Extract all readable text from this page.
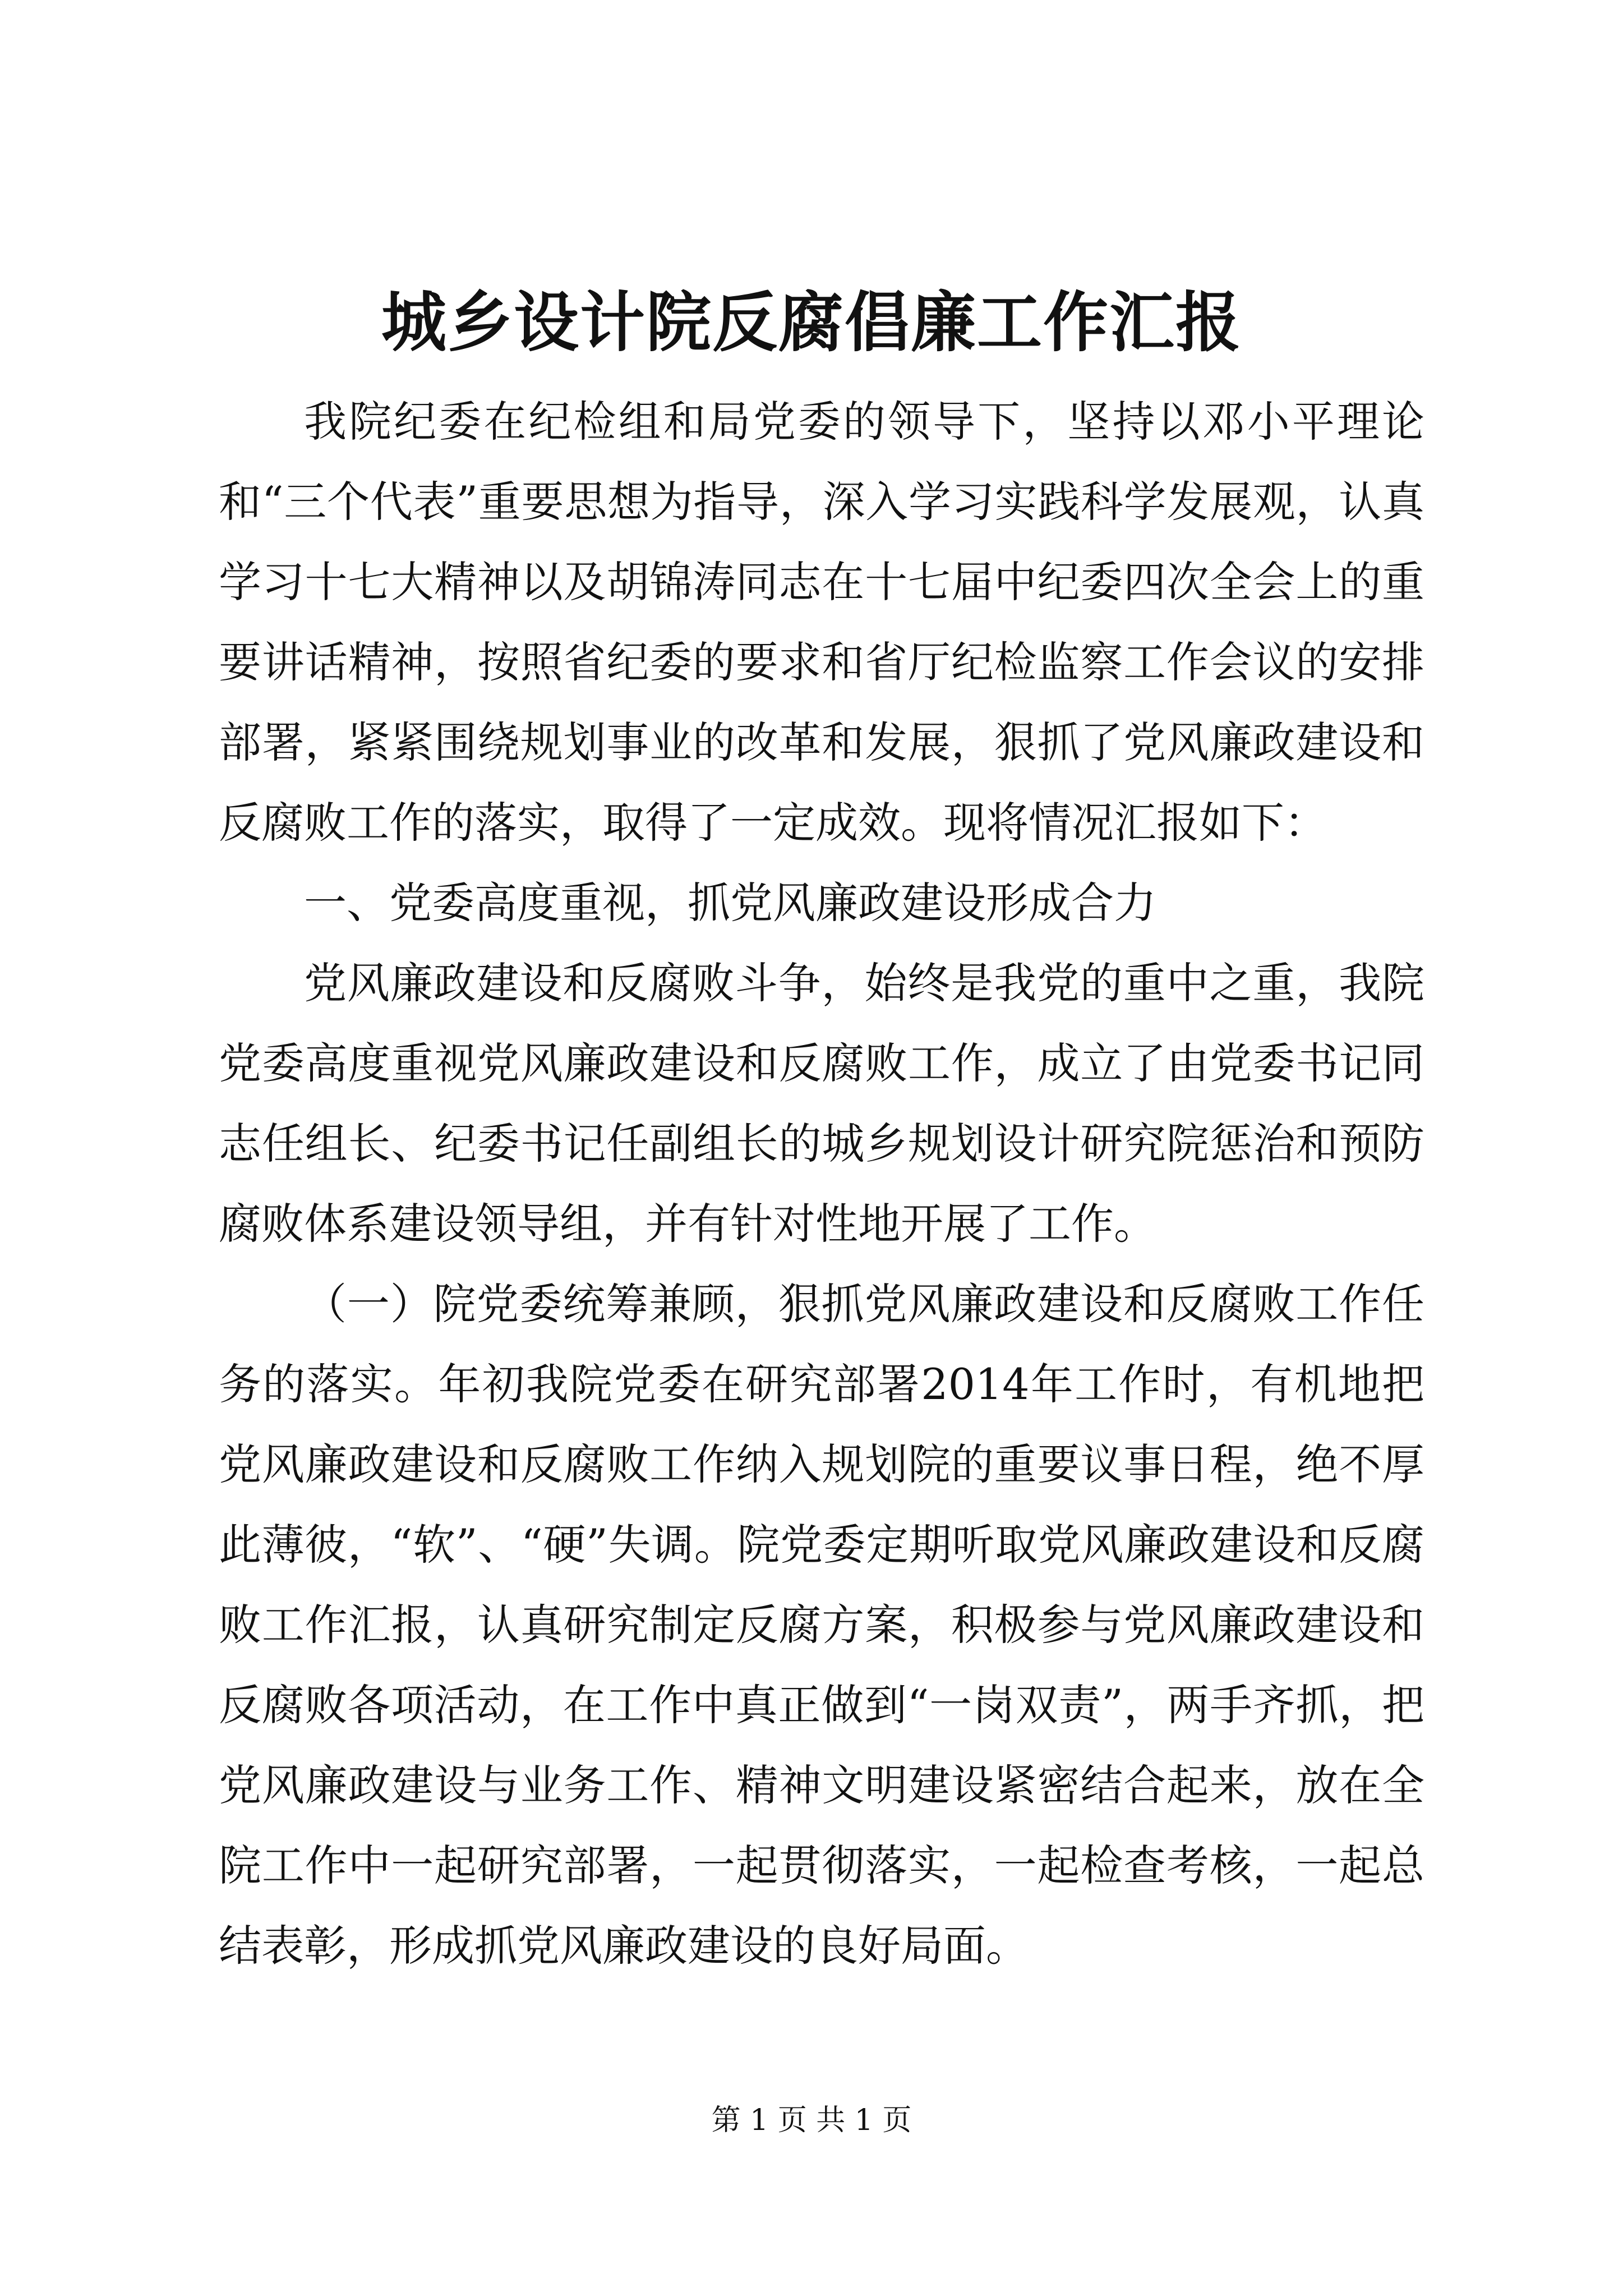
城乡设计院反腐倡廉工作汇报

我院纪委在纪检组和局党委的领导下，坚持以邓小平理论和“三个代表”重要思想为指导，深入学习实践科学发展观，认真学习十七大精神以及胡锦涛同志在十七届中纪委四次全会上的重要讲话精神，按照省纪委的要求和省厅纪检监察工作会议的安排部署，紧紧围绕规划事业的改革和发展，狠抓了党风廉政建设和反腐败工作的落实，取得了一定成效。现将情况汇报如下：

一、党委高度重视，抓党风廉政建设形成合力

党风廉政建设和反腐败斗争，始终是我党的重中之重，我院党委高度重视党风廉政建设和反腐败工作，成立了由党委书记同志任组长、纪委书记任副组长的城乡规划设计研究院惩治和预防腐败体系建设领导组，并有针对性地开展了工作。

（一）院党委统筹兼顾，狠抓党风廉政建设和反腐败工作任务的落实。年初我院党委在研究部署2014年工作时，有机地把党风廉政建设和反腐败工作纳入规划院的重要议事日程，绝不厚此薄彼，“软”、“硬”失调。院党委定期听取党风廉政建设和反腐败工作汇报，认真研究制定反腐方案，积极参与党风廉政建设和反腐败各项活动，在工作中真正做到“一岗双责”，两手齐抓，把党风廉政建设与业务工作、精神文明建设紧密结合起来，放在全院工作中一起研究部署，一起贯彻落实，一起检查考核，一起总结表彰，形成抓党风廉政建设的良好局面。

第 1 页 共 1 页
